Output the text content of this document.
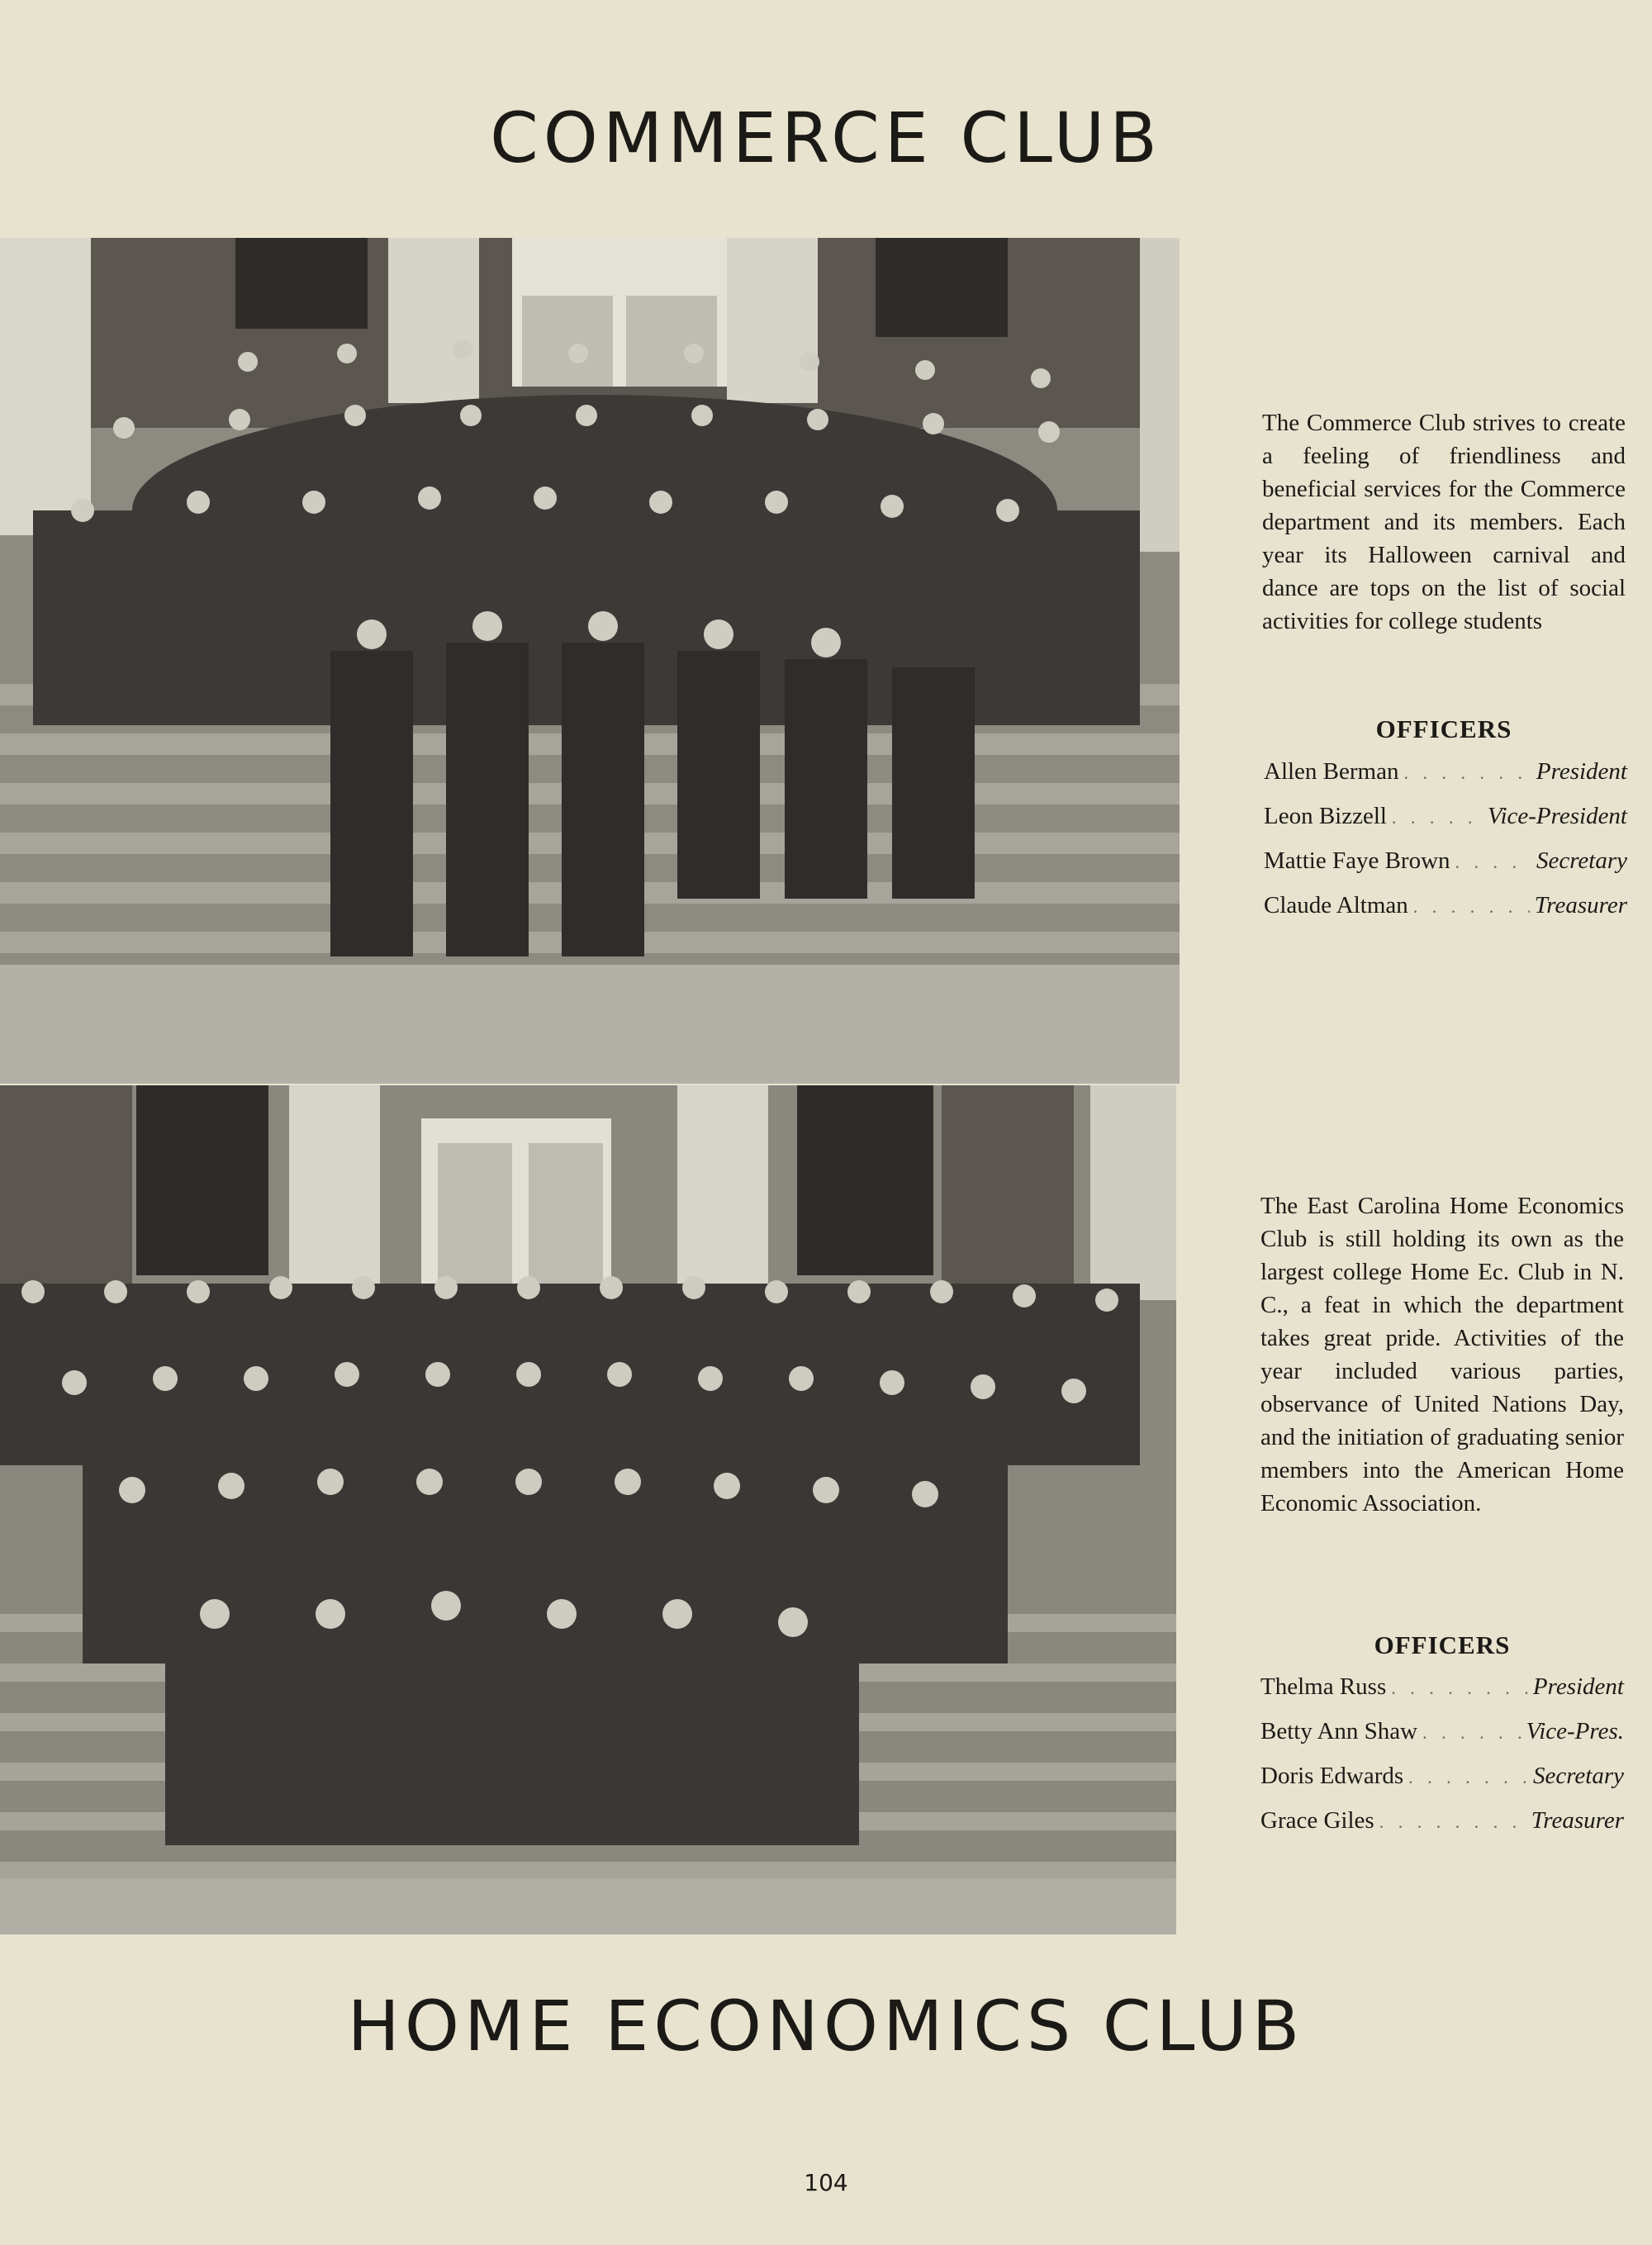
COMMERCE CLUB

The Commerce Club strives to create a feeling of friendliness and beneficial services for the Commerce department and its members. Each year its Halloween carnival and dance are tops on the list of social activities for college students

OFFICERS
Allen Berman . . .	President
Leon Bizzell . . .	Vice-President
Mattie Faye Brown . . .	Secretary
Claude Altman . . .	Treasurer

The East Carolina Home Economics Club is still holding its own as the largest college Home Ec. Club in N. C., a feat in which the department takes great pride. Activities of the year included various parties, observance of United Nations Day, and the initiation of graduating senior members into the American Home Economic Association.

OFFICERS
Thelma Russ . . .	President
Betty Ann Shaw . . .	Vice-Pres.
Doris Edwards . . .	Secretary
Grace Giles . . .	Treasurer
HOME ECONOMICS CLUB
104
